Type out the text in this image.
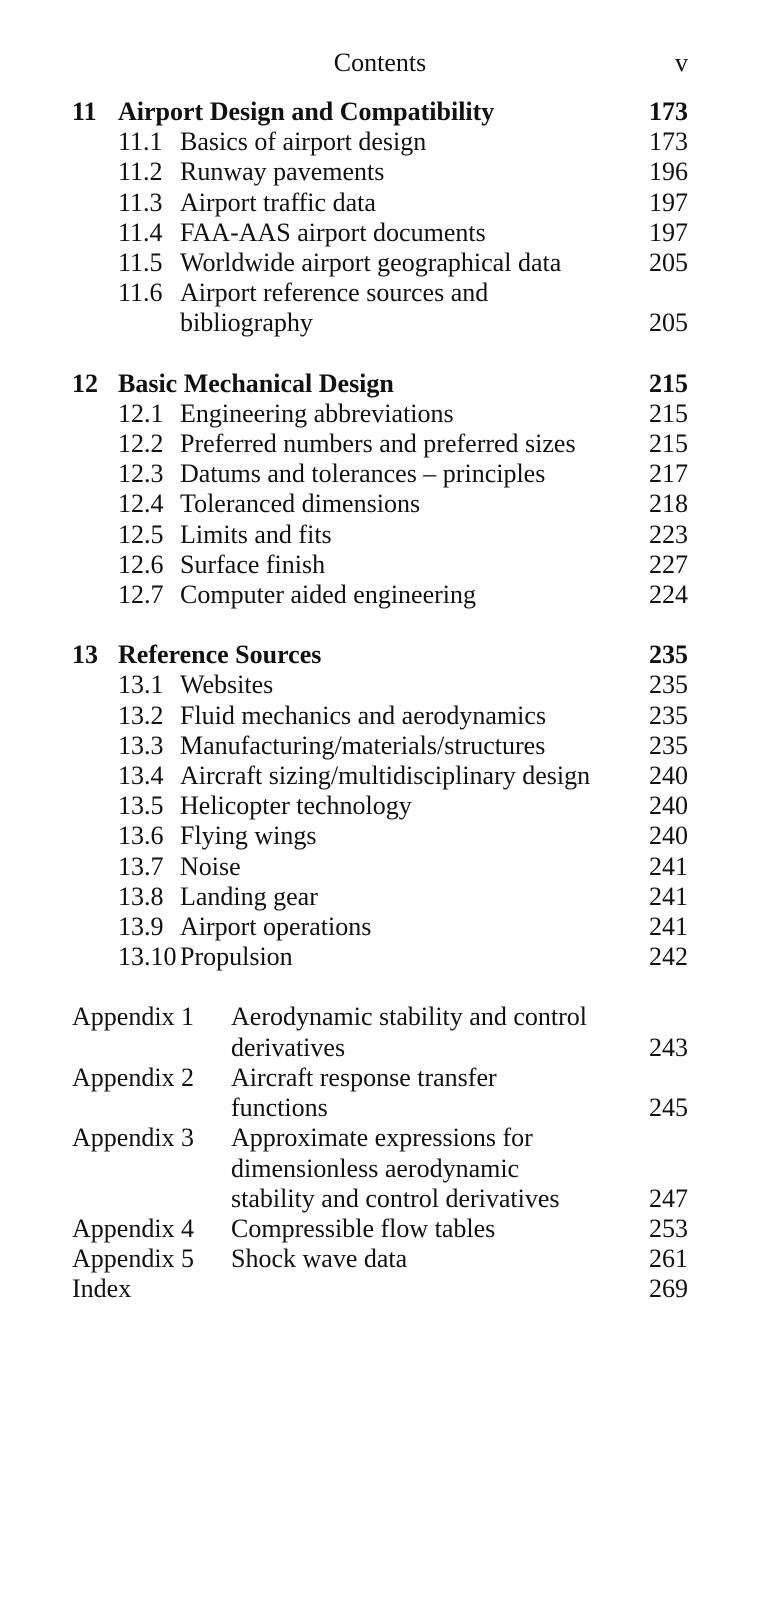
Contents	v
11 Airport Design and Compatibility	173
11.1 Basics of airport design	173
11.2 Runway pavements	196
11.3 Airport traffic data	197
11.4 FAA-AAS airport documents	197
11.5 Worldwide airport geographical data	205
11.6 Airport reference sources and
bibliography	205
12 Basic Mechanical Design	215
12.1 Engineering abbreviations	215
12.2 Preferred numbers and preferred sizes	215
12.3 Datums and tolerances – principles	217
12.4 Toleranced dimensions	218
12.5 Limits and fits	223
12.6 Surface finish	227
12.7 Computer aided engineering	224
13 Reference Sources	235
13.1 Websites	235
13.2 Fluid mechanics and aerodynamics	235
13.3 Manufacturing/materials/structures	235
13.4 Aircraft sizing/multidisciplinary design	240
13.5 Helicopter technology	240
13.6 Flying wings	240
13.7 Noise	241
13.8 Landing gear	241
13.9 Airport operations	241
13.10 Propulsion	242
Appendix 1	Aerodynamic stability and control
derivatives	243
Appendix 2	Aircraft response transfer
functions	245
Appendix 3	Approximate expressions for
dimensionless aerodynamic
stability and control derivatives	247
Appendix 4	Compressible flow tables	253
Appendix 5	Shock wave data	261
Index	269
